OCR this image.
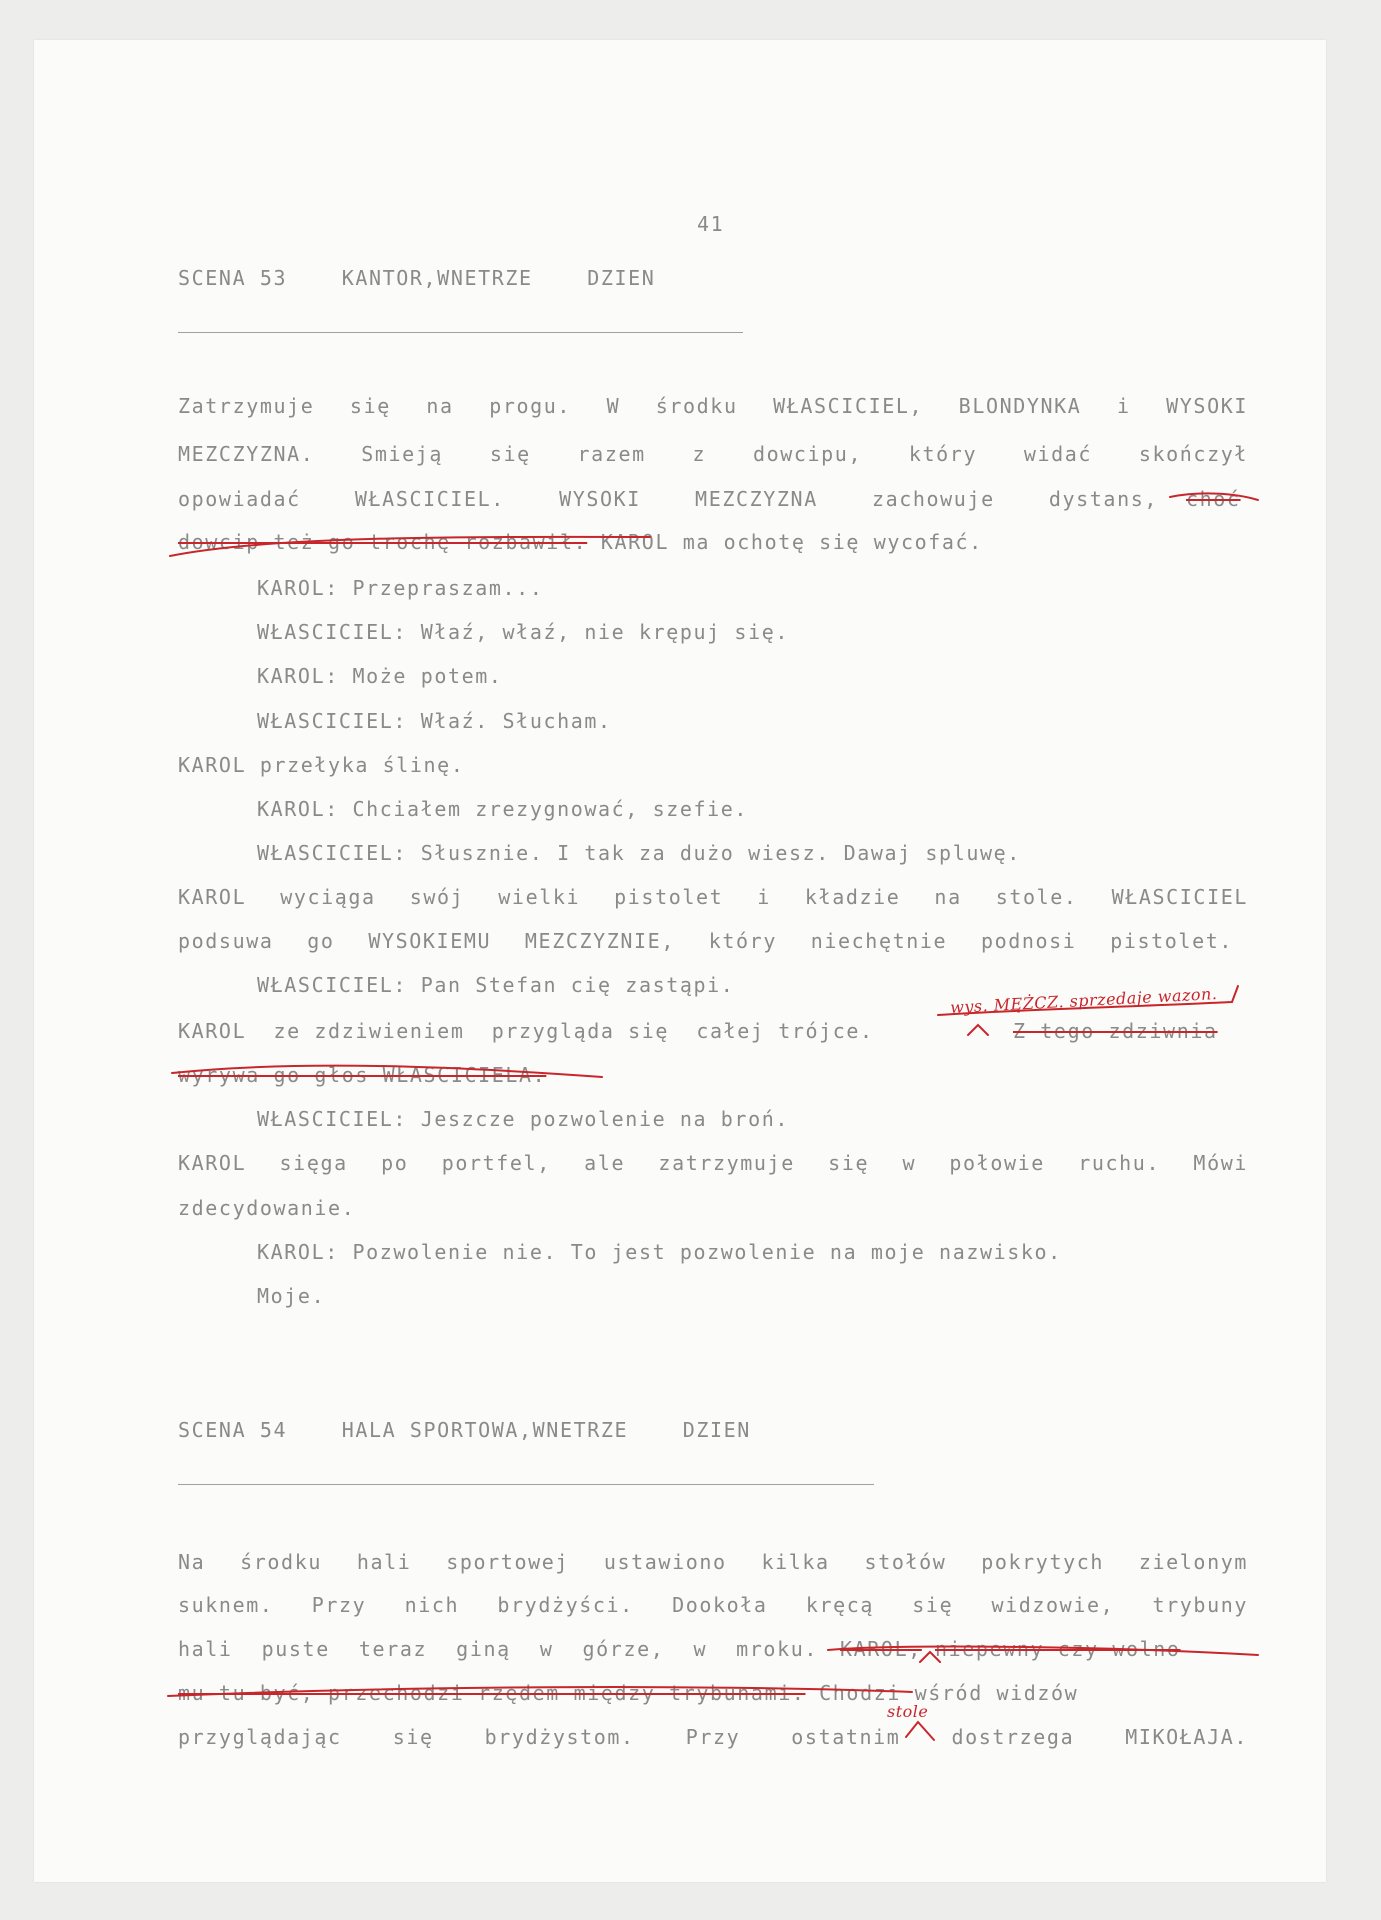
41
SCENA 53    KANTOR,WNETRZE    DZIEN
Zatrzymuje się na progu. W środku WŁASCICIEL, BLONDYNKA i WYSOKI
MEZCZYZNA. Smieją się razem z dowcipu, który widać skończył
opowiadać WŁASCICIEL. WYSOKI MEZCZYZNA zachowuje dystans, choć
dowcip też go trochę rozbawił. KAROL ma ochotę się wycofać.
KAROL: Przepraszam...
WŁASCICIEL: Właź, właź, nie krępuj się.
KAROL: Może potem.
WŁASCICIEL: Właź. Słucham.
KAROL przełyka ślinę.
KAROL: Chciałem zrezygnować, szefie.
WŁASCICIEL: Słusznie. I tak za dużo wiesz. Dawaj spluwę.
KAROL wyciąga swój wielki pistolet i kładzie na stole. WŁASCICIEL
podsuwa go WYSOKIEMU MEZCZYZNIE, który niechętnie podnosi pistolet.
WŁASCICIEL: Pan Stefan cię zastąpi.	wys. MĘŻCZ. sprzedaje wazon.
KAROL  ze zdziwieniem  przygląda się  całej trójce.	Z tego zdziwnia
wyrywa go głos WŁASCICIELA.
WŁASCICIEL: Jeszcze pozwolenie na broń.
KAROL sięga po portfel, ale zatrzymuje się w połowie ruchu. Mówi
zdecydowanie.
KAROL: Pozwolenie nie. To jest pozwolenie na moje nazwisko.
Moje.
SCENA 54    HALA SPORTOWA,WNETRZE    DZIEN
Na środku hali sportowej ustawiono kilka stołów pokrytych zielonym
suknem. Przy nich brydżyści. Dookoła kręcą się widzowie, trybuny
hali puste teraz giną w górze, w mroku. KAROL, niepewny czy wolno
mu tu być, przechodzi rzędem między trybunami. Chodzi wśród widzów
przyglądając się brydżystom. Przy ostatnim dostrzega MIKOŁAJA.
stole
